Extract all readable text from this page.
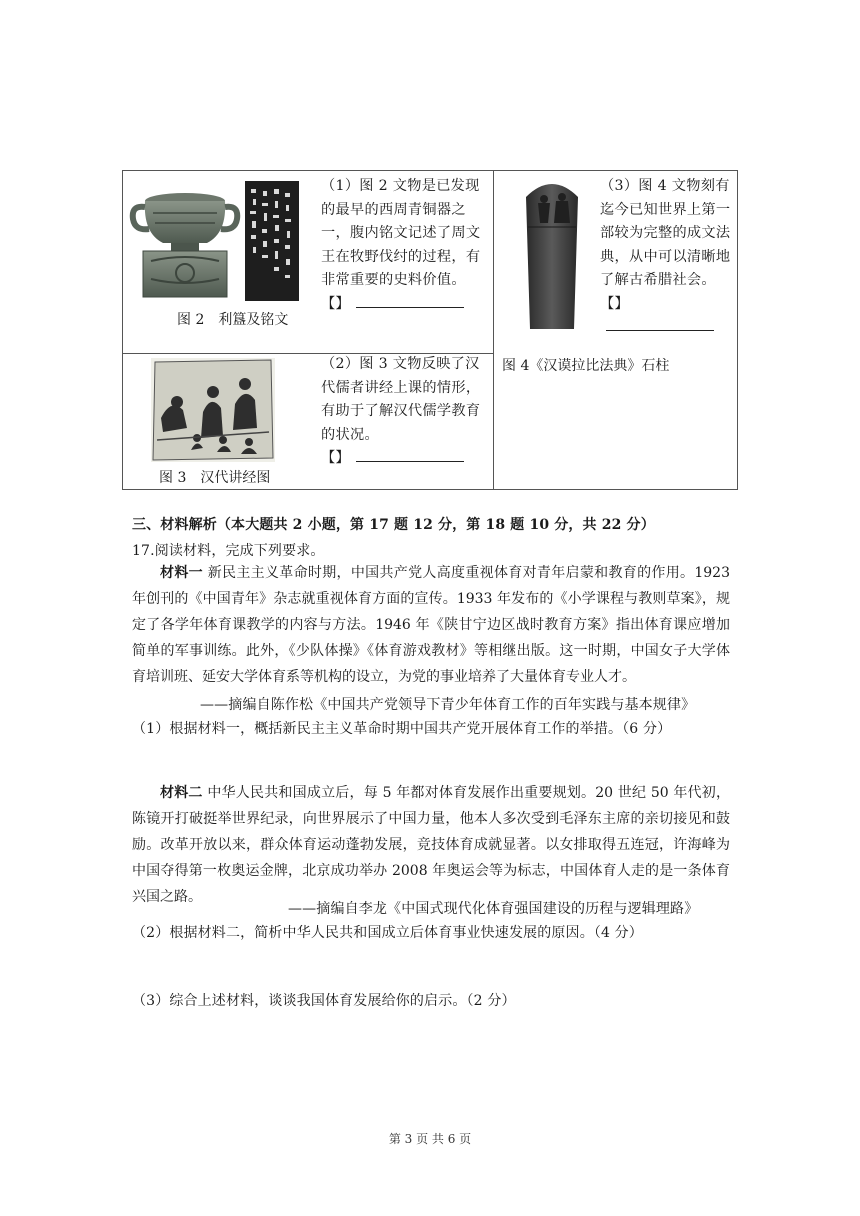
（1）图 2 文物是已发现的最早的西周青铜器之一，腹内铭文记述了周文王在牧野伐纣的过程，有非常重要的史料价值。
【】
图 2　利簋及铭文
（2）图 3 文物反映了汉代儒者讲经上课的情形，有助于了解汉代儒学教育的状况。
【】
图 3　汉代讲经图
（3）图 4 文物刻有迄今已知世界上第一部较为完整的成文法典，从中可以清晰地了解古希腊社会。
【】
图 4《汉谟拉比法典》石柱
三、材料解析（本大题共 2 小题，第 17 题 12 分，第 18 题 10 分，共 22 分）
17.阅读材料，完成下列要求。
材料一 新民主主义革命时期，中国共产党人高度重视体育对青年启蒙和教育的作用。1923 年创刊的《中国青年》杂志就重视体育方面的宣传。1933 年发布的《小学课程与教则草案》，规定了各学年体育课教学的内容与方法。1946 年《陕甘宁边区战时教育方案》指出体育课应增加简单的军事训练。此外，《少队体操》《体育游戏教材》等相继出版。这一时期，中国女子大学体育培训班、延安大学体育系等机构的设立，为党的事业培养了大量体育专业人才。
——摘编自陈作松《中国共产党领导下青少年体育工作的百年实践与基本规律》
（1）根据材料一，概括新民主主义革命时期中国共产党开展体育工作的举措。（6 分）
材料二 中华人民共和国成立后，每 5 年都对体育发展作出重要规划。20 世纪 50 年代初，陈镜开打破挺举世界纪录，向世界展示了中国力量，他本人多次受到毛泽东主席的亲切接见和鼓励。改革开放以来，群众体育运动蓬勃发展，竞技体育成就显著。以女排取得五连冠，许海峰为中国夺得第一枚奥运金牌，北京成功举办 2008 年奥运会等为标志，中国体育人走的是一条体育兴国之路。
——摘编自李龙《中国式现代化体育强国建设的历程与逻辑理路》
（2）根据材料二，简析中华人民共和国成立后体育事业快速发展的原因。（4 分）
（3）综合上述材料，谈谈我国体育发展给你的启示。（2 分）
第 3 页 共 6 页
